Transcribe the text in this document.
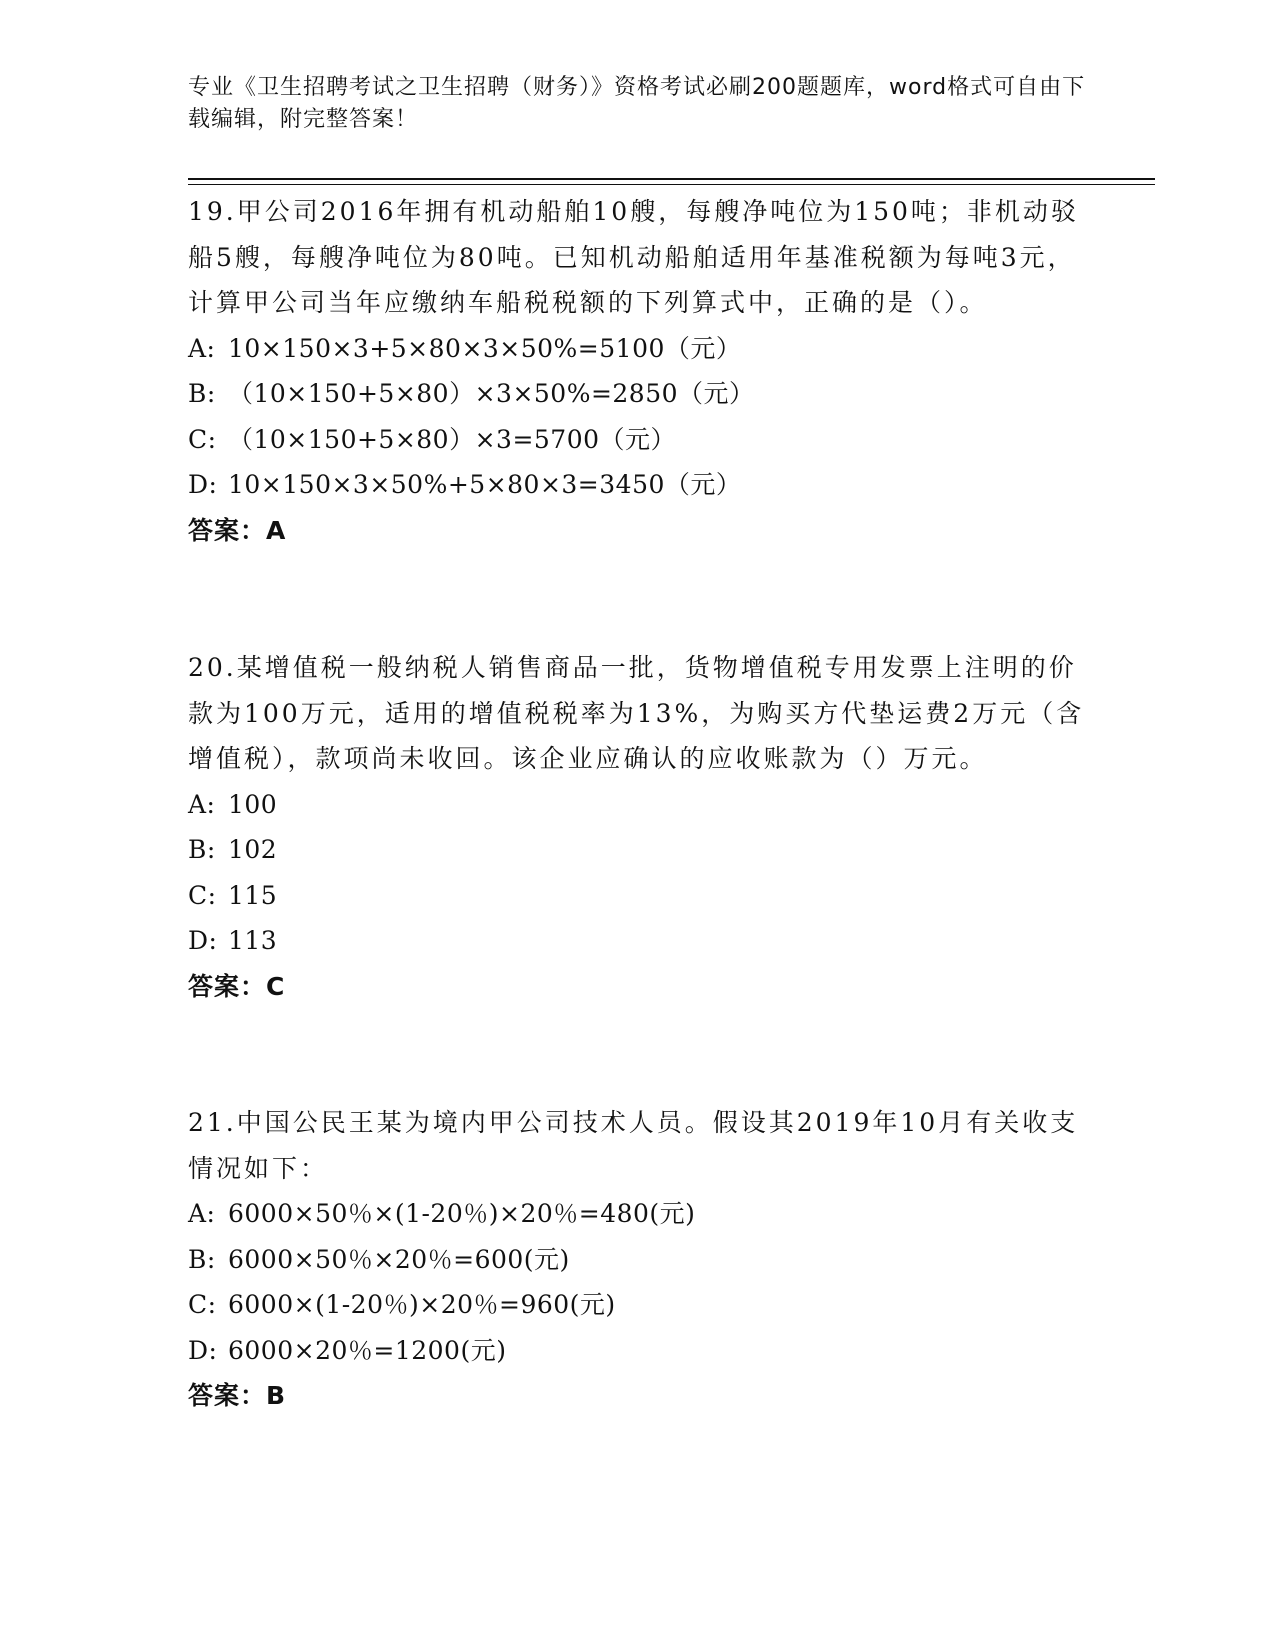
专业《卫生招聘考试之卫生招聘（财务）》资格考试必刷200题题库，word格式可自由下载编辑，附完整答案！
19.甲公司2016年拥有机动船舶10艘，每艘净吨位为150吨；非机动驳船5艘，每艘净吨位为80吨。已知机动船舶适用年基准税额为每吨3元，计算甲公司当年应缴纳车船税税额的下列算式中，正确的是（）。
A: 10×150×3+5×80×3×50%=5100（元）
B: （10×150+5×80）×3×50%=2850（元）
C: （10×150+5×80）×3=5700（元）
D: 10×150×3×50%+5×80×3=3450（元）
答案：A
20.某增值税一般纳税人销售商品一批，货物增值税专用发票上注明的价款为100万元，适用的增值税税率为13%，为购买方代垫运费2万元（含增值税），款项尚未收回。该企业应确认的应收账款为（）万元。
A: 100
B: 102
C: 115
D: 113
答案：C
21.中国公民王某为境内甲公司技术人员。假设其2019年10月有关收支情况如下：
A: 6000×50％×(1-20％)×20％=480(元)
B: 6000×50％×20％=600(元)
C: 6000×(1-20％)×20％=960(元)
D: 6000×20％=1200(元)
答案：B
